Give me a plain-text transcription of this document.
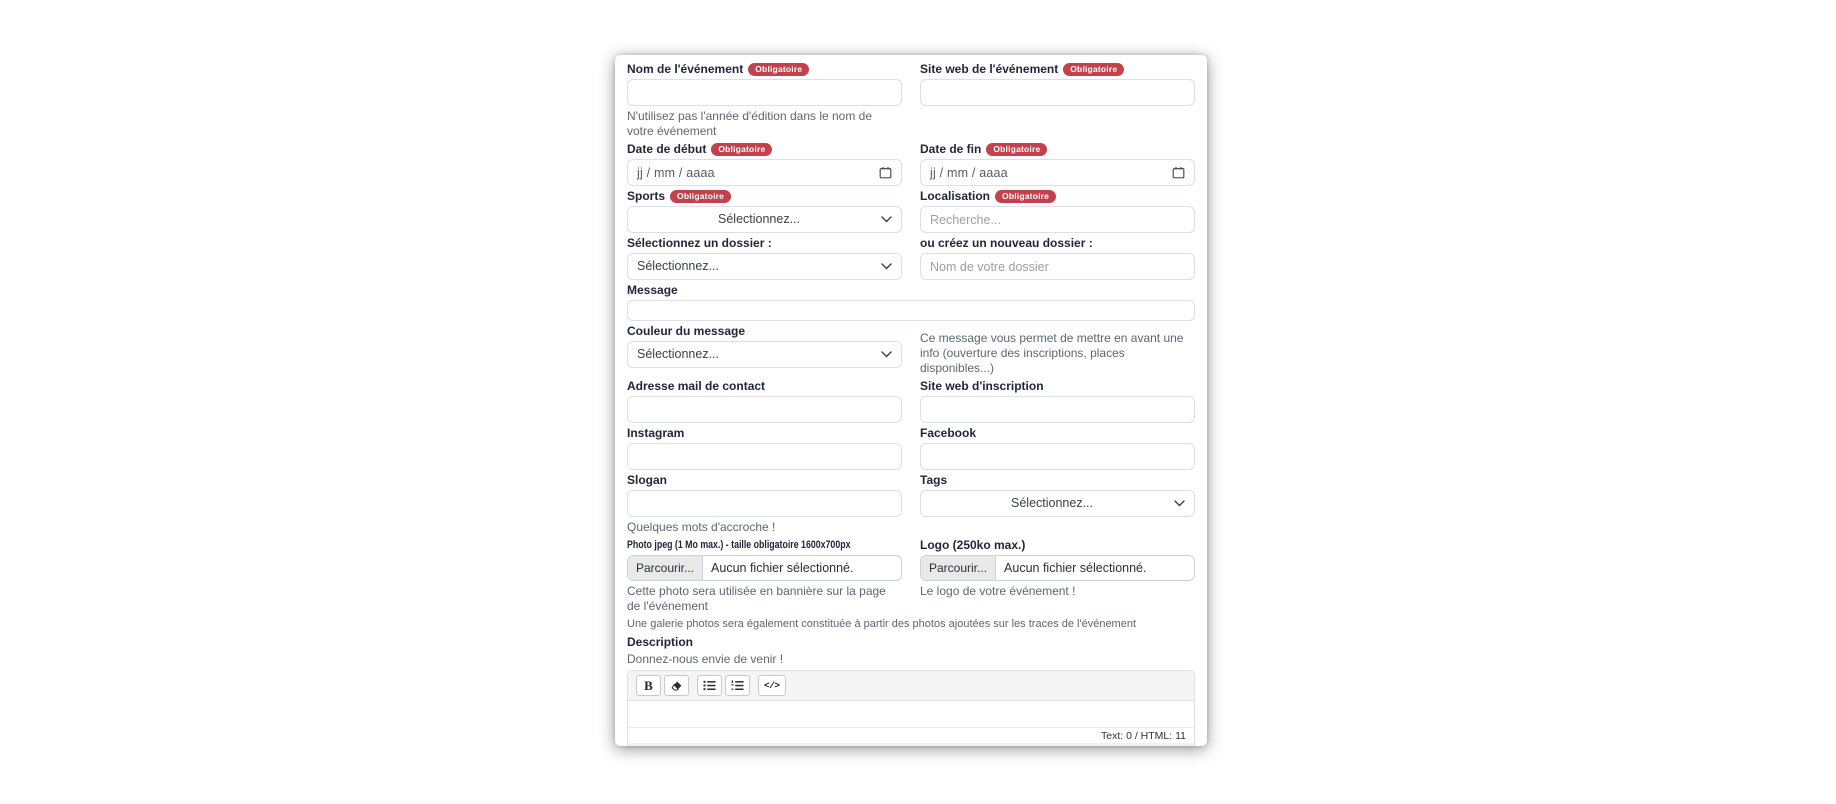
Nom de l'événement	Obligatoire
N'utilisez pas l'année d'édition dans le nom de votre événement
Site web de l'événement	Obligatoire
Date de début	Obligatoire
jj / mm / aaaa
Date de fin	Obligatoire
jj / mm / aaaa
Sports	Obligatoire
Sélectionnez...
Localisation	Obligatoire
Recherche...
Sélectionnez un dossier :
Sélectionnez...
ou créez un nouveau dossier :
Nom de votre dossier
Message
Couleur du message
Sélectionnez...
Ce message vous permet de mettre en avant une info (ouverture des inscriptions, places disponibles...)
Adresse mail de contact	Site web d'inscription
Instagram	Facebook
Slogan
Quelques mots d'accroche !
Tags
Sélectionnez...
Photo jpeg (1 Mo max.) - taille obligatoire 1600x700px
Parcourir...	Aucun fichier sélectionné.
Cette photo sera utilisée en bannière sur la page de l'événement
Logo (250ko max.)
Parcourir...	Aucun fichier sélectionné.
Le logo de votre événement !
Une galerie photos sera également constituée à partir des photos ajoutées sur les traces de l'événement
Description
Donnez-nous envie de venir !
B	</>
Text: 0 / HTML: 11
